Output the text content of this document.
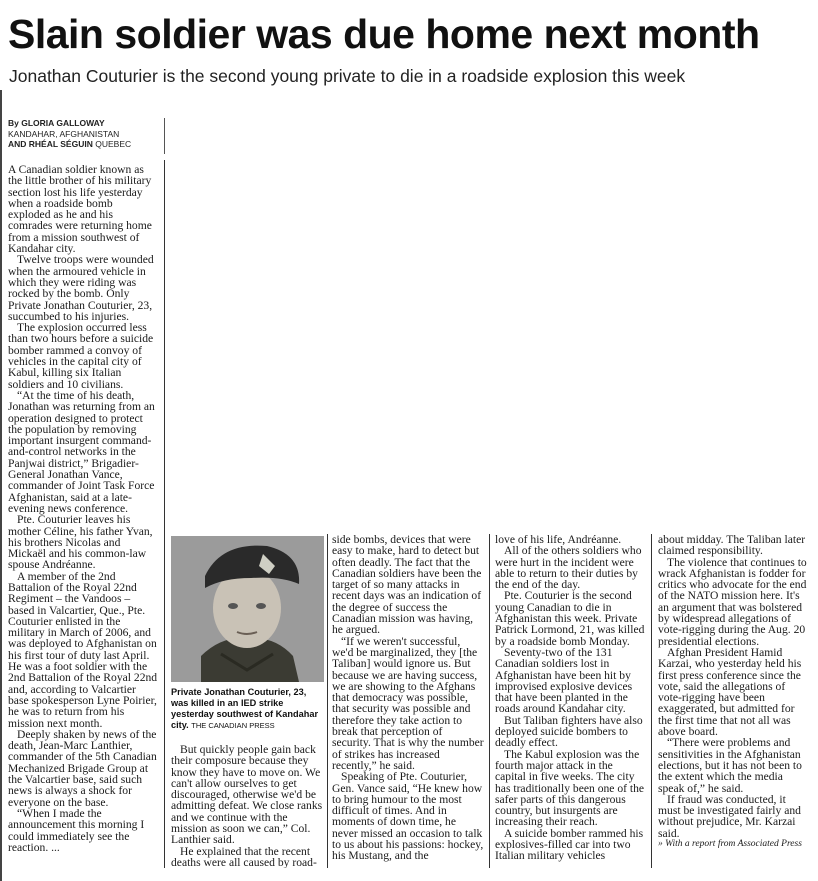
Slain soldier was due home next month
Jonathan Couturier is the second young private to die in a roadside explosion this week
By GLORIA GALLOWAY
KANDAHAR, AFGHANISTAN
AND RHÉAL SÉGUIN QUEBEC

A Canadian soldier known as the little brother of his military section lost his life yesterday when a roadside bomb exploded as he and his comrades were returning home from a mission southwest of Kandahar city.

Twelve troops were wounded when the armoured vehicle in which they were riding was rocked by the bomb. Only Private Jonathan Couturier, 23, succumbed to his injuries.

The explosion occurred less than two hours before a suicide bomber rammed a convoy of vehicles in the capital city of Kabul, killing six Italian soldiers and 10 civilians.

“At the time of his death, Jonathan was returning from an operation designed to protect the population by removing important insurgent command-and-control networks in the Panjwai district,” Brigadier-General Jonathan Vance, commander of Joint Task Force Afghanistan, said at a late-evening news conference.

Pte. Couturier leaves his mother Céline, his father Yvan, his brothers Nicolas and Mickaël and his common-law spouse Andréanne.

A member of the 2nd Battalion of the Royal 22nd Regiment – the Vandoos – based in Valcartier, Que., Pte. Couturier enlisted in the military in March of 2006, and was deployed to Afghanistan on his first tour of duty last April. He was a foot soldier with the 2nd Battalion of the Royal 22nd and, according to Valcartier base spokesperson Lyne Poirier, he was to return from his mission next month.

Deeply shaken by news of the death, Jean-Marc Lanthier, commander of the 5th Canadian Mechanized Brigade Group at the Valcartier base, said such news is always a shock for everyone on the base.

“When I made the announcement this morning I could immediately see the reaction. ...

Private Jonathan Couturier, 23, was killed in an IED strike yesterday southwest of Kandahar city. THE CANADIAN PRESS

But quickly people gain back their composure because they know they have to move on. We can't allow ourselves to get discouraged, otherwise we'd be admitting defeat. We close ranks and we continue with the mission as soon we can,” Col. Lanthier said.

He explained that the recent deaths were all caused by road-

side bombs, devices that were easy to make, hard to detect but often deadly. The fact that the Canadian soldiers have been the target of so many attacks in recent days was an indication of the degree of success the Canadian mission was having, he argued.

“If we weren't successful, we'd be marginalized, they [the Taliban] would ignore us. But because we are having success, we are showing to the Afghans that democracy was possible, that security was possible and therefore they take action to break that perception of security. That is why the number of strikes has increased recently,” he said.

Speaking of Pte. Couturier, Gen. Vance said, “He knew how to bring humour to the most difficult of times. And in moments of down time, he never missed an occasion to talk to us about his passions: hockey, his Mustang, and the

love of his life, Andréanne.

All of the others soldiers who were hurt in the incident were able to return to their duties by the end of the day.

Pte. Couturier is the second young Canadian to die in Afghanistan this week. Private Patrick Lormond, 21, was killed by a roadside bomb Monday.

Seventy-two of the 131 Canadian soldiers lost in Afghanistan have been hit by improvised explosive devices that have been planted in the roads around Kandahar city.

But Taliban fighters have also deployed suicide bombers to deadly effect.

The Kabul explosion was the fourth major attack in the capital in five weeks. The city has traditionally been one of the safer parts of this dangerous country, but insurgents are increasing their reach.

A suicide bomber rammed his explosives-filled car into two Italian military vehicles

about midday. The Taliban later claimed responsibility.

The violence that continues to wrack Afghanistan is fodder for critics who advocate for the end of the NATO mission here. It's an argument that was bolstered by widespread allegations of vote-rigging during the Aug. 20 presidential elections.

Afghan President Hamid Karzai, who yesterday held his first press conference since the vote, said the allegations of vote-rigging have been exaggerated, but admitted for the first time that not all was above board.

“There were problems and sensitivities in the Afghanistan elections, but it has not been to the extent which the media speak of,” he said.

If fraud was conducted, it must be investigated fairly and without prejudice, Mr. Karzai said.

» With a report from Associated Press
